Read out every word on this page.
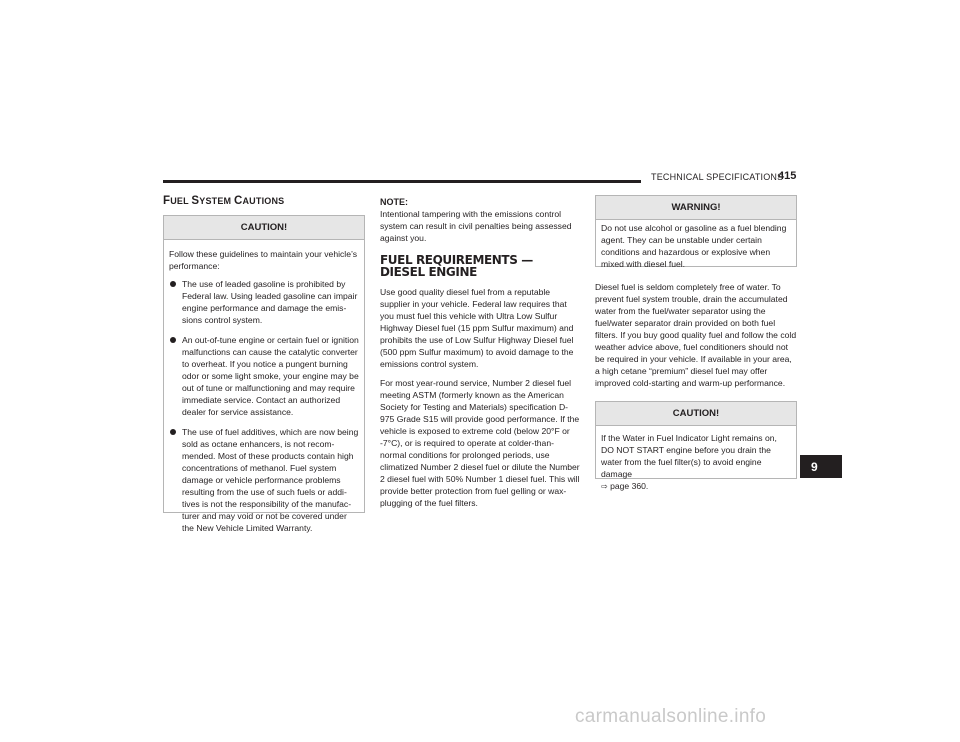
TECHNICAL SPECIFICATIONS
415
FUEL SYSTEM CAUTIONS
CAUTION!

Follow these guidelines to maintain your vehicle’s performance:

The use of leaded gasoline is prohibited by Federal law. Using leaded gasoline can impair engine performance and damage the emissions control system.
An out-of-tune engine or certain fuel or ignition malfunctions can cause the catalytic converter to overheat. If you notice a pungent burning odor or some light smoke, your engine may be out of tune or malfunctioning and may require immediate service. Contact an authorized dealer for service assistance.
The use of fuel additives, which are now being sold as octane enhancers, is not recommended. Most of these products contain high concentrations of methanol. Fuel system damage or vehicle performance problems resulting from the use of such fuels or additives is not the responsibility of the manufacturer and may void or not be covered under the New Vehicle Limited Warranty.
NOTE:

Intentional tampering with the emissions control system can result in civil penalties being assessed against you.

FUEL REQUIREMENTS — DIESEL ENGINE

Use good quality diesel fuel from a reputable supplier in your vehicle. Federal law requires that you must fuel this vehicle with Ultra Low Sulfur Highway Diesel fuel (15 ppm Sulfur maximum) and prohibits the use of Low Sulfur Highway Diesel fuel (500 ppm Sulfur maximum) to avoid damage to the emissions control system.

For most year-round service, Number 2 diesel fuel meeting ASTM (formerly known as the American Society for Testing and Materials) specification D-975 Grade S15 will provide good performance. If the vehicle is exposed to extreme cold (below 20°F or -7°C), or is required to operate at colder-than-normal conditions for prolonged periods, use climatized Number 2 diesel fuel or dilute the Number 2 diesel fuel with 50% Number 1 diesel fuel. This will provide better protection from fuel gelling or wax-plugging of the fuel filters.

WARNING!
Do not use alcohol or gasoline as a fuel blending agent. They can be unstable under certain conditions and hazardous or explosive when mixed with diesel fuel.

Diesel fuel is seldom completely free of water. To prevent fuel system trouble, drain the accumulated water from the fuel/water separator using the fuel/water separator drain provided on both fuel filters. If you buy good quality fuel and follow the cold weather advice above, fuel conditioners should not be required in your vehicle. If available in your area, a high cetane “premium” diesel fuel may offer improved cold-starting and warm-up performance.

CAUTION!
If the Water in Fuel Indicator Light remains on, DO NOT START engine before you drain the water from the fuel filter(s) to avoid engine damage
⇨ page 360.
9
carmanualsonline.info
